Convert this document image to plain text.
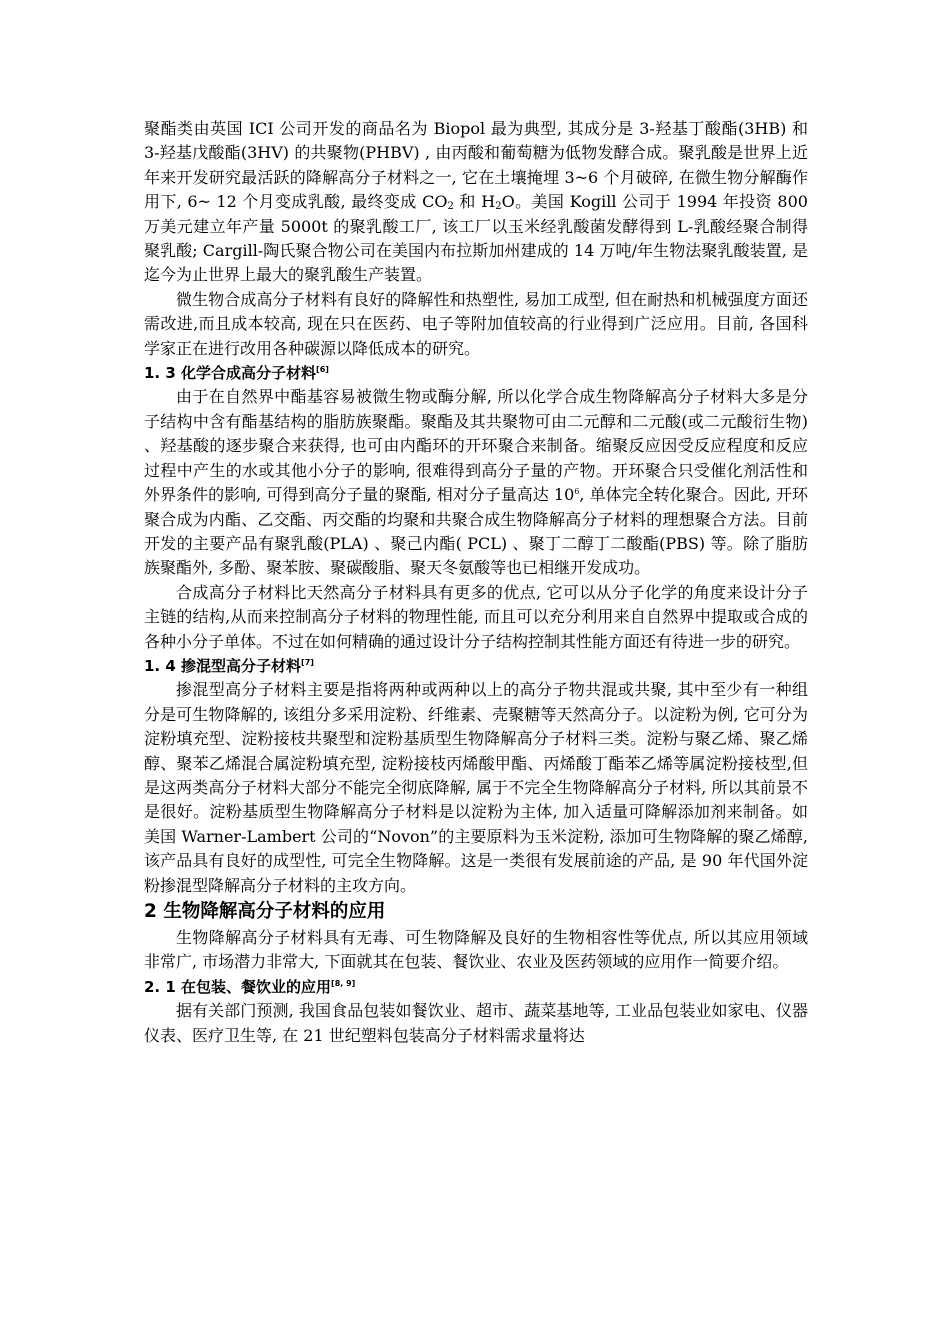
聚酯类由英国 ICI 公司开发的商品名为 Biopol 最为典型, 其成分是 3-羟基丁酸酯(3HB) 和 3-羟基戊酸酯(3HV) 的共聚物(PHBV) , 由丙酸和葡萄糖为低物发酵合成。聚乳酸是世界上近年来开发研究最活跃的降解高分子材料之一, 它在土壤掩埋 3~6 个月破碎, 在微生物分解酶作用下, 6~ 12 个月变成乳酸, 最终变成 $CO_2$ 和 $H_2O$。美国 Kogill 公司于 1994 年投资 800 万美元建立年产量 5000t 的聚乳酸工厂, 该工厂以玉米经乳酸菌发酵得到 L-乳酸经聚合制得聚乳酸; Cargill-陶氏聚合物公司在美国内布拉斯加州建成的 14 万吨/年生物法聚乳酸装置, 是迄今为止世界上最大的聚乳酸生产装置。

微生物合成高分子材料有良好的降解性和热塑性, 易加工成型, 但在耐热和机械强度方面还需改进,而且成本较高, 现在只在医药、电子等附加值较高的行业得到广泛应用。目前, 各国科学家正在进行改用各种碳源以降低成本的研究。

1. 3 化学合成高分子材料[6]

由于在自然界中酯基容易被微生物或酶分解, 所以化学合成生物降解高分子材料大多是分子结构中含有酯基结构的脂肪族聚酯。聚酯及其共聚物可由二元醇和二元酸(或二元酸衍生物) 、羟基酸的逐步聚合来获得, 也可由内酯环的开环聚合来制备。缩聚反应因受反应程度和反应过程中产生的水或其他小分子的影响, 很难得到高分子量的产物。开环聚合只受催化剂活性和外界条件的影响, 可得到高分子量的聚酯, 相对分子量高达 $10^6$, 单体完全转化聚合。因此, 开环聚合成为内酯、乙交酯、丙交酯的均聚和共聚合成生物降解高分子材料的理想聚合方法。目前开发的主要产品有聚乳酸(PLA) 、聚己内酯( PCL) 、聚丁二醇丁二酸酯(PBS) 等。除了脂肪族聚酯外, 多酚、聚苯胺、聚碳酸脂、聚天冬氨酸等也已相继开发成功。

合成高分子材料比天然高分子材料具有更多的优点, 它可以从分子化学的角度来设计分子主链的结构,从而来控制高分子材料的物理性能, 而且可以充分利用来自自然界中提取或合成的各种小分子单体。不过在如何精确的通过设计分子结构控制其性能方面还有待进一步的研究。

1. 4 掺混型高分子材料[7]

掺混型高分子材料主要是指将两种或两种以上的高分子物共混或共聚, 其中至少有一种组分是可生物降解的, 该组分多采用淀粉、纤维素、壳聚糖等天然高分子。以淀粉为例, 它可分为淀粉填充型、淀粉接枝共聚型和淀粉基质型生物降解高分子材料三类。淀粉与聚乙烯、聚乙烯醇、聚苯乙烯混合属淀粉填充型, 淀粉接枝丙烯酸甲酯、丙烯酸丁酯苯乙烯等属淀粉接枝型,但是这两类高分子材料大部分不能完全彻底降解, 属于不完全生物降解高分子材料, 所以其前景不是很好。淀粉基质型生物降解高分子材料是以淀粉为主体, 加入适量可降解添加剂来制备。如美国 Warner-Lambert 公司的“Novon”的主要原料为玉米淀粉, 添加可生物降解的聚乙烯醇, 该产品具有良好的成型性, 可完全生物降解。这是一类很有发展前途的产品, 是 90 年代国外淀粉掺混型降解高分子材料的主攻方向。

2 生物降解高分子材料的应用

生物降解高分子材料具有无毒、可生物降解及良好的生物相容性等优点, 所以其应用领域非常广, 市场潜力非常大, 下面就其在包装、餐饮业、农业及医药领域的应用作一简要介绍。

2. 1 在包装、餐饮业的应用[8, 9]

据有关部门预测, 我国食品包装如餐饮业、超市、蔬菜基地等, 工业品包装业如家电、仪器仪表、医疗卫生等, 在 21 世纪塑料包装高分子材料需求量将达
